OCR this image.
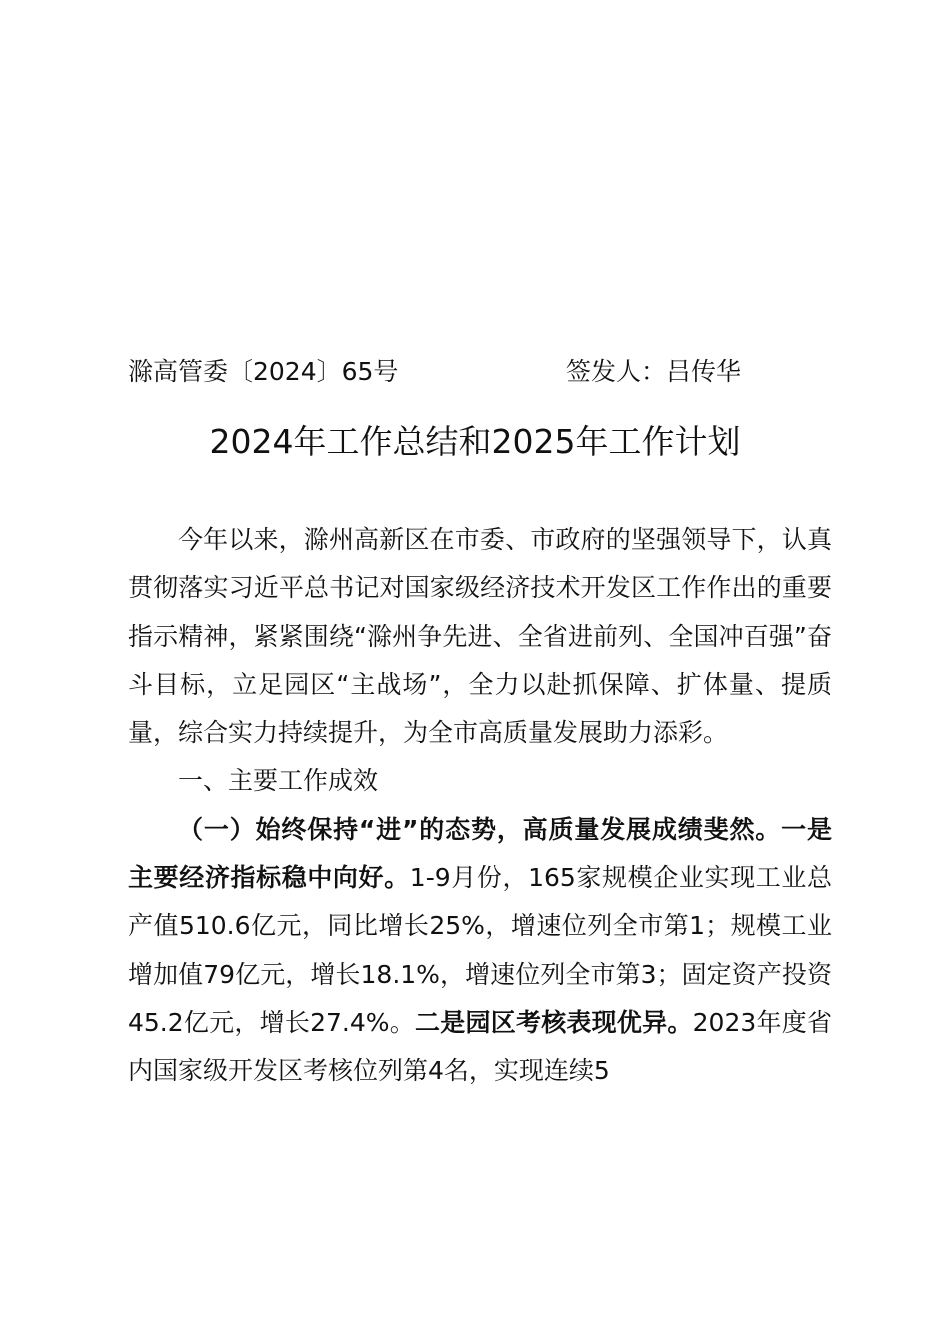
滁高管委〔2024〕65号	签发人：吕传华
2024年工作总结和2025年工作计划

今年以来，滁州高新区在市委、市政府的坚强领导下，认真贯彻落实习近平总书记对国家级经济技术开发区工作作出的重要指示精神，紧紧围绕“滁州争先进、全省进前列、全国冲百强”奋斗目标，立足园区“主战场”，全力以赴抓保障、扩体量、提质量，综合实力持续提升，为全市高质量发展助力添彩。

一、主要工作成效

（一）始终保持“进”的态势，高质量发展成绩斐然。一是主要经济指标稳中向好。1-9月份，165家规模企业实现工业总产值510.6亿元，同比增长25%，增速位列全市第1；规模工业增加值79亿元，增长18.1%，增速位列全市第3；固定资产投资45.2亿元，增长27.4%。二是园区考核表现优异。2023年度省内国家级开发区考核位列第4名，实现连续5
